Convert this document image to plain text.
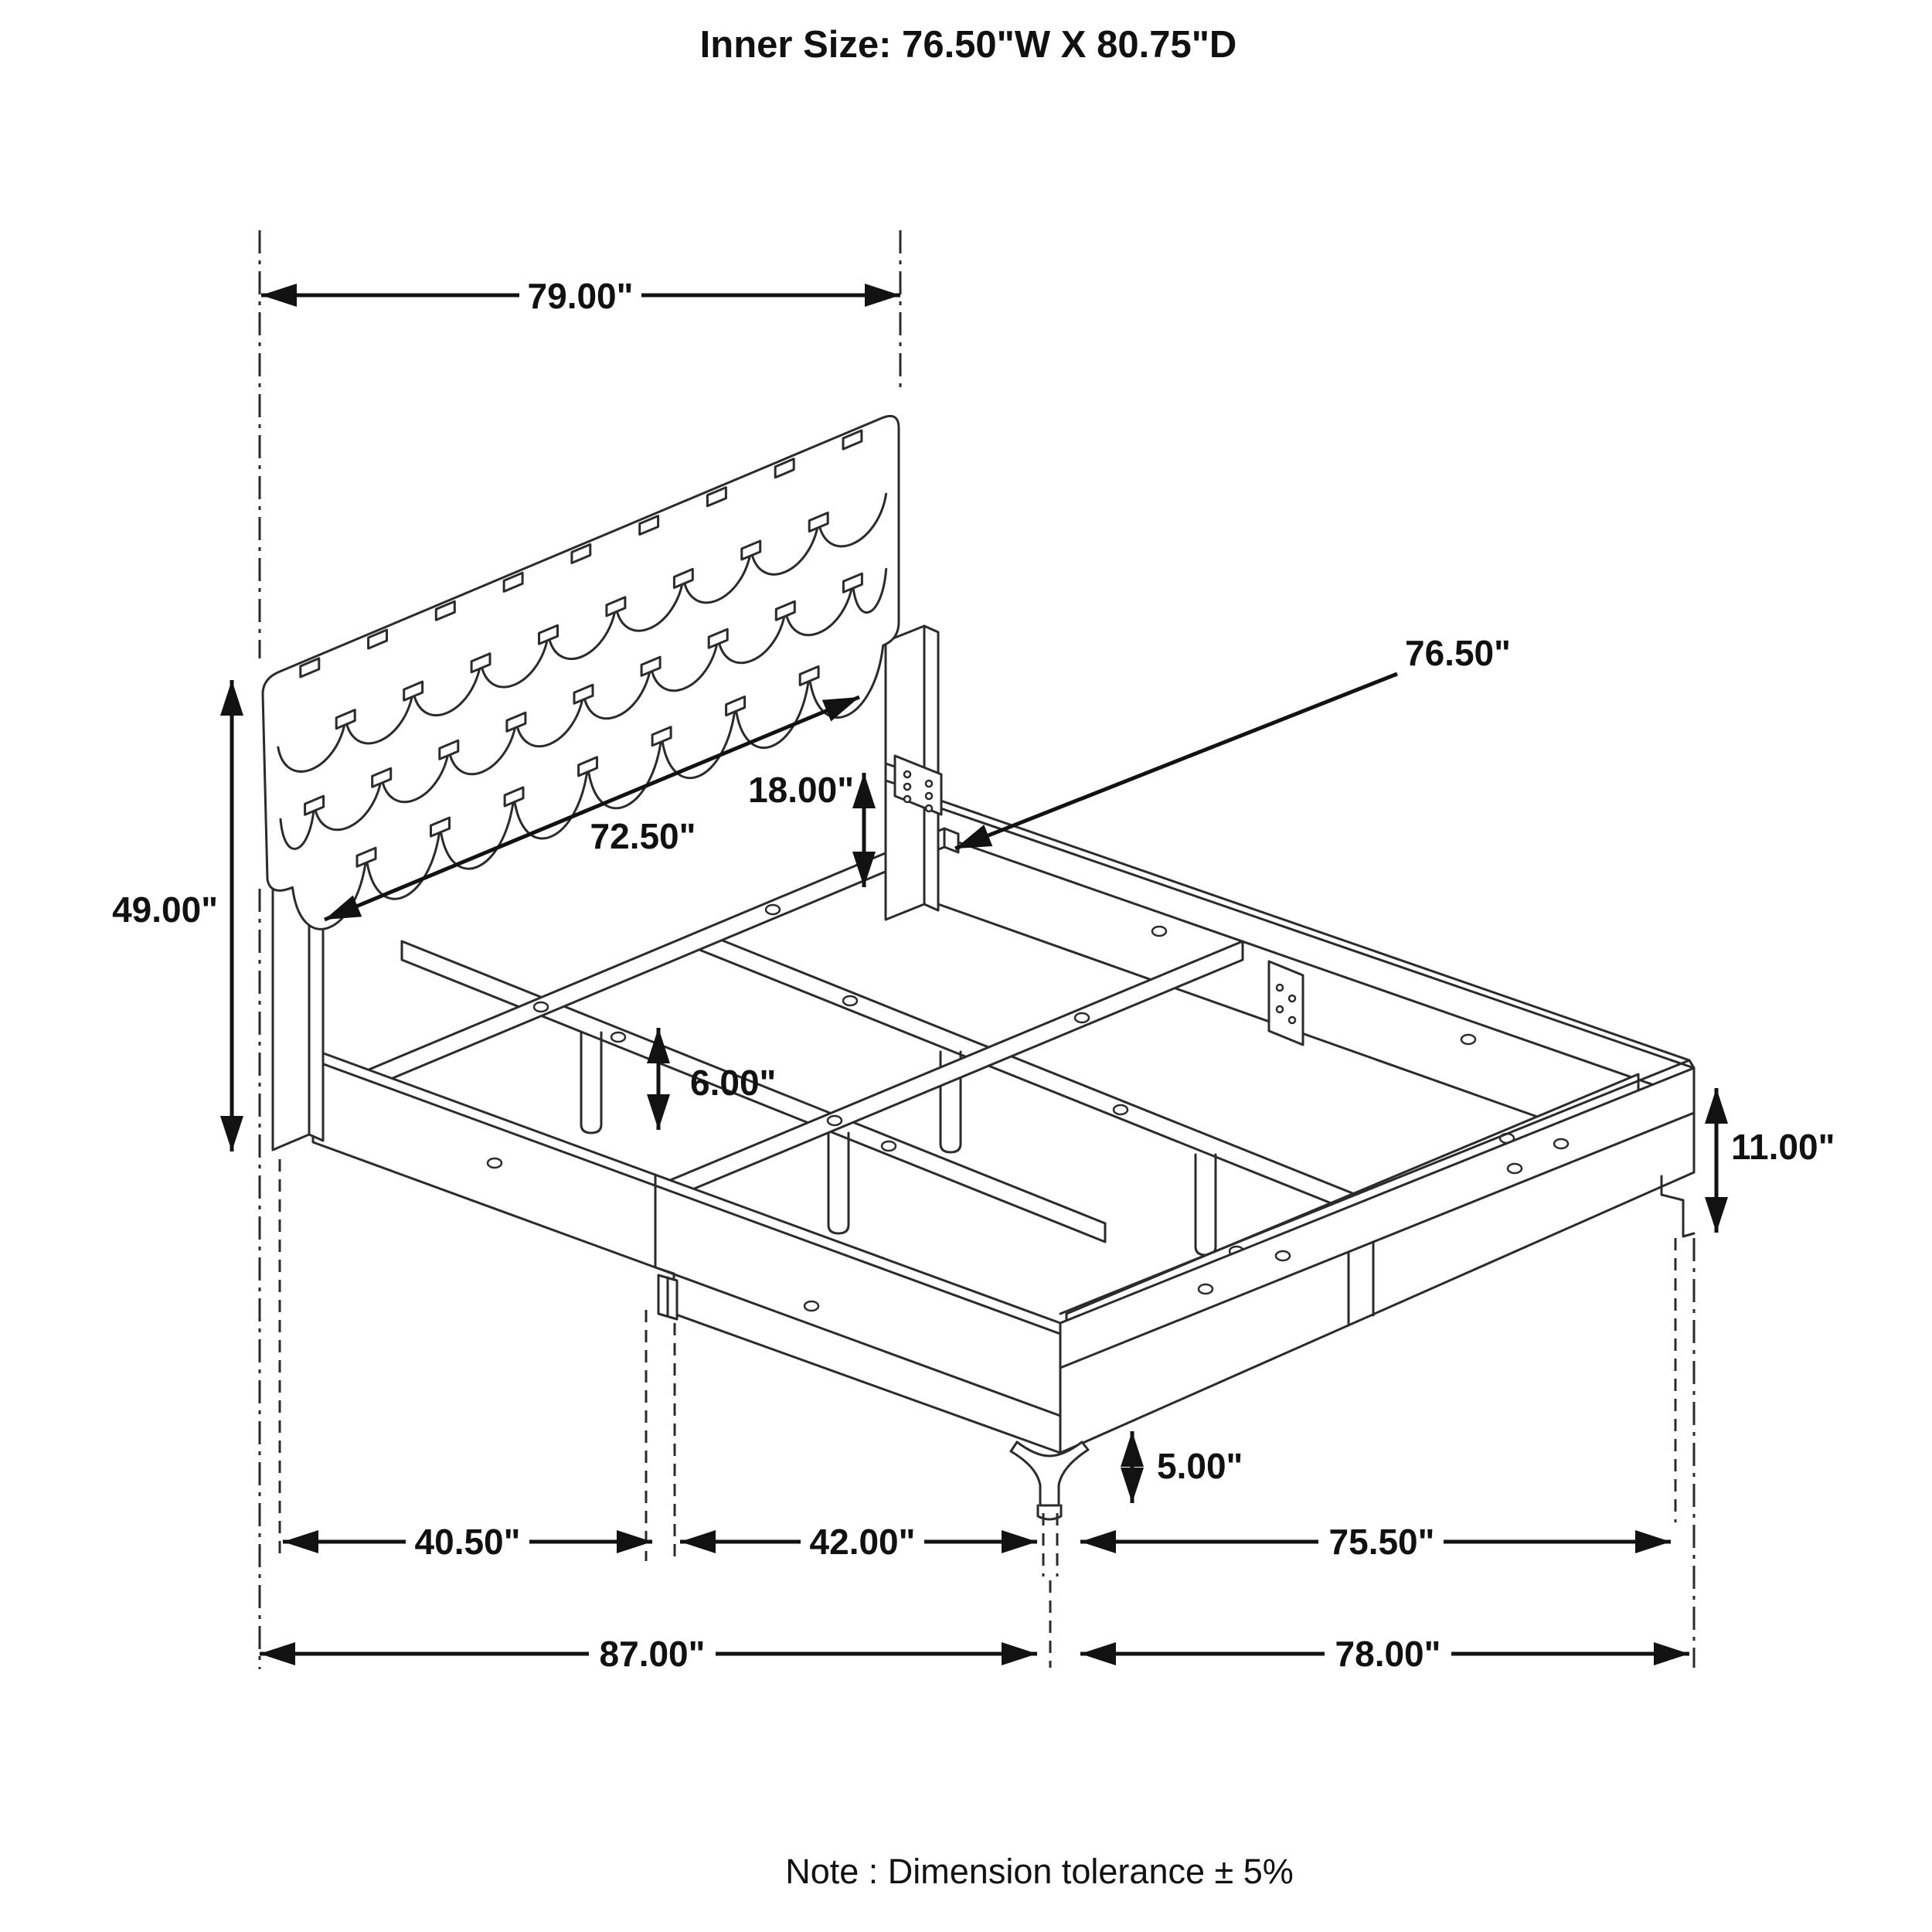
Inner Size: 76.50"W X 80.75"D
79.00"
76.50"
72.50"
18.00"
49.00"
6.00"
11.00"
5.00"
40.50"	42.00"	75.50"
87.00"	78.00"
Note : Dimension tolerance ± 5%
